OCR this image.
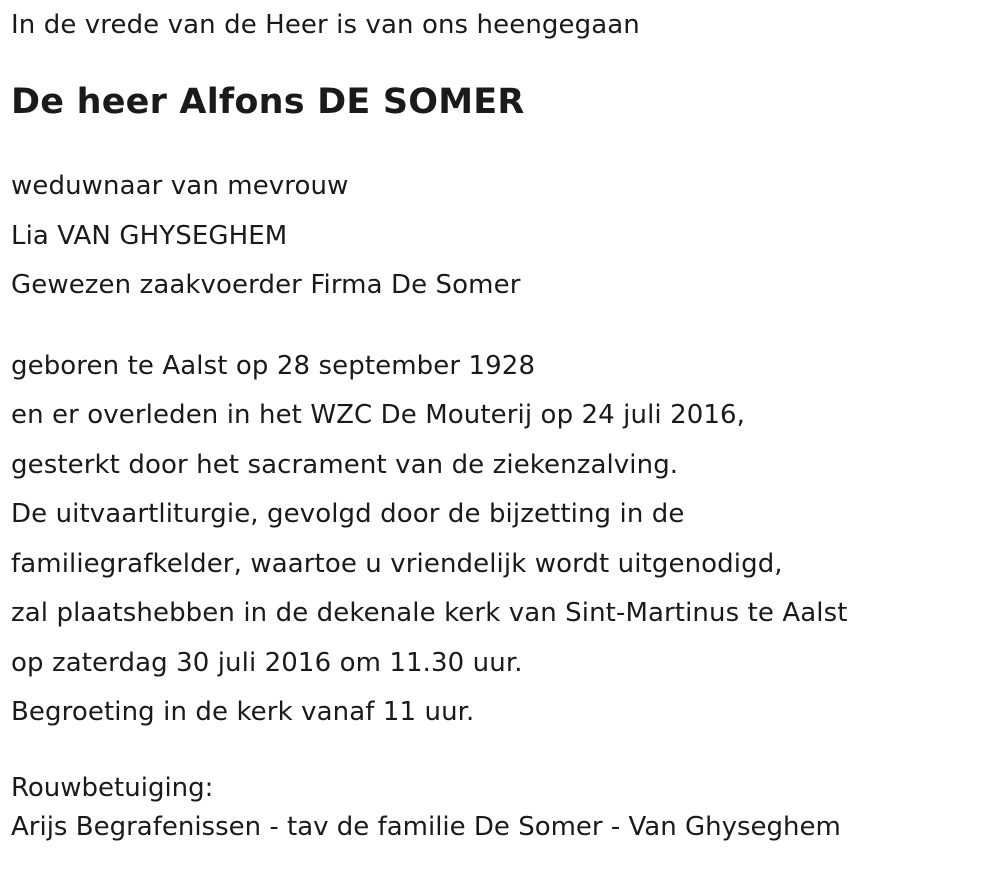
In de vrede van de Heer is van ons heengegaan
De heer Alfons DE SOMER
weduwnaar van mevrouw
Lia VAN GHYSEGHEM
Gewezen zaakvoerder Firma De Somer
geboren te Aalst op 28 september 1928
en er overleden in het WZC De Mouterij op 24 juli 2016,
gesterkt door het sacrament van de ziekenzalving.
De uitvaartliturgie, gevolgd door de bijzetting in de
familiegrafkelder, waartoe u vriendelijk wordt uitgenodigd,
zal plaatshebben in de dekenale kerk van Sint-Martinus te Aalst
op zaterdag 30 juli 2016 om 11.30 uur.
Begroeting in de kerk vanaf 11 uur.
Rouwbetuiging:
Arijs Begrafenissen - tav de familie De Somer - Van Ghyseghem
